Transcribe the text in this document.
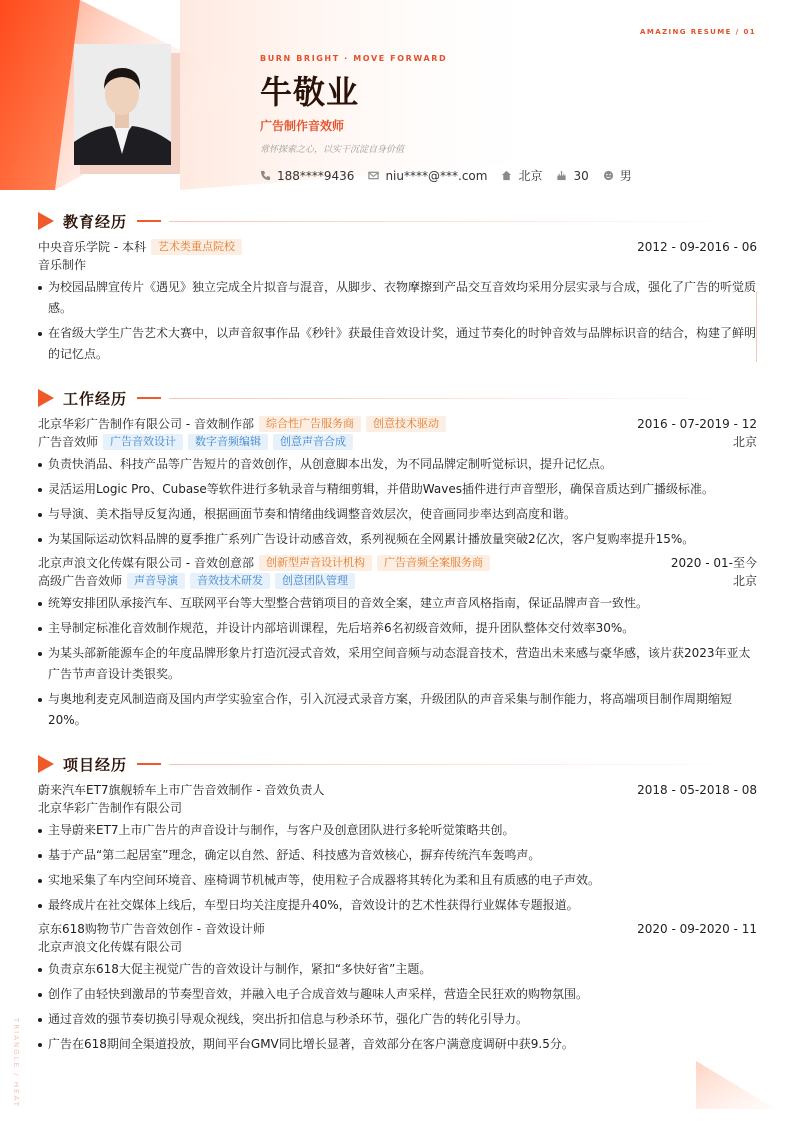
AMAZING RESUME / 01
TRIANGLE / HEAT
BURN BRIGHT · MOVE FORWARD
牛敬业
广告制作音效师
常怀探索之心，以实干沉淀自身价值
188****9436	niu****@***.com	北京	30	男
教育经历
中央音乐学院 - 本科	艺术类重点院校	2012 - 09-2016 - 06
音乐制作
为校园品牌宣传片《遇见》独立完成全片拟音与混音，从脚步、衣物摩擦到产品交互音效均采用分层实录与合成，强化了广告的听觉质感。
在省级大学生广告艺术大赛中，以声音叙事作品《秒针》获最佳音效设计奖，通过节奏化的时钟音效与品牌标识音的结合，构建了鲜明的记忆点。
工作经历
北京华彩广告制作有限公司 - 音效制作部	综合性广告服务商	创意技术驱动	2016 - 07-2019 - 12
广告音效师	广告音效设计	数字音频编辑	创意声音合成	北京
负责快消品、科技产品等广告短片的音效创作，从创意脚本出发，为不同品牌定制听觉标识，提升记忆点。
灵活运用Logic Pro、Cubase等软件进行多轨录音与精细剪辑，并借助Waves插件进行声音塑形，确保音质达到广播级标准。
与导演、美术指导反复沟通，根据画面节奏和情绪曲线调整音效层次，使音画同步率达到高度和谐。
为某国际运动饮料品牌的夏季推广系列广告设计动感音效，系列视频在全网累计播放量突破2亿次，客户复购率提升15%。
北京声浪文化传媒有限公司 - 音效创意部	创新型声音设计机构	广告音频全案服务商	2020 - 01-至今
高级广告音效师	声音导演	音效技术研发	创意团队管理	北京
统筹安排团队承接汽车、互联网平台等大型整合营销项目的音效全案，建立声音风格指南，保证品牌声音一致性。
主导制定标准化音效制作规范，并设计内部培训课程，先后培养6名初级音效师，提升团队整体交付效率30%。
为某头部新能源车企的年度品牌形象片打造沉浸式音效，采用空间音频与动态混音技术，营造出未来感与豪华感，该片获2023年亚太广告节声音设计类银奖。
与奥地利麦克风制造商及国内声学实验室合作，引入沉浸式录音方案，升级团队的声音采集与制作能力，将高端项目制作周期缩短20%。
项目经历
蔚来汽车ET7旗舰轿车上市广告音效制作 - 音效负责人	2018 - 05-2018 - 08
北京华彩广告制作有限公司
主导蔚来ET7上市广告片的声音设计与制作，与客户及创意团队进行多轮听觉策略共创。
基于产品“第二起居室”理念，确定以自然、舒适、科技感为音效核心，摒弃传统汽车轰鸣声。
实地采集了车内空间环境音、座椅调节机械声等，使用粒子合成器将其转化为柔和且有质感的电子声效。
最终成片在社交媒体上线后，车型日均关注度提升40%，音效设计的艺术性获得行业媒体专题报道。
京东618购物节广告音效创作 - 音效设计师	2020 - 09-2020 - 11
北京声浪文化传媒有限公司
负责京东618大促主视觉广告的音效设计与制作，紧扣“多快好省”主题。
创作了由轻快到激昂的节奏型音效，并融入电子合成音效与趣味人声采样，营造全民狂欢的购物氛围。
通过音效的强节奏切换引导观众视线，突出折扣信息与秒杀环节，强化广告的转化引导力。
广告在618期间全渠道投放，期间平台GMV同比增长显著，音效部分在客户满意度调研中获9.5分。
